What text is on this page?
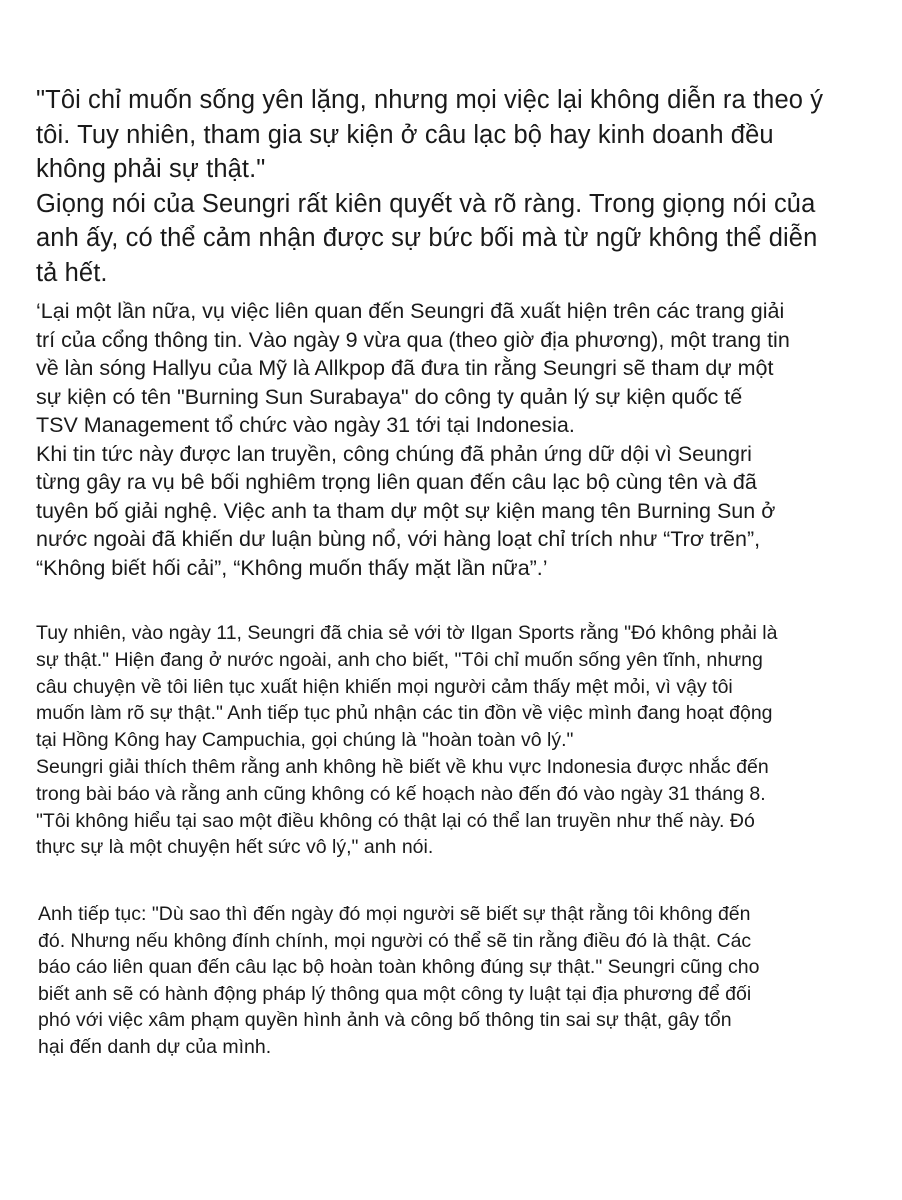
"Tôi chỉ muốn sống yên lặng, nhưng mọi việc lại không diễn ra theo ý
tôi. Tuy nhiên, tham gia sự kiện ở câu lạc bộ hay kinh doanh đều
không phải sự thật."
Giọng nói của Seungri rất kiên quyết và rõ ràng. Trong giọng nói của
anh ấy, có thể cảm nhận được sự bức bối mà từ ngữ không thể diễn
tả hết.

‘Lại một lần nữa, vụ việc liên quan đến Seungri đã xuất hiện trên các trang giải
trí của cổng thông tin. Vào ngày 9 vừa qua (theo giờ địa phương), một trang tin
về làn sóng Hallyu của Mỹ là Allkpop đã đưa tin rằng Seungri sẽ tham dự một
sự kiện có tên "Burning Sun Surabaya" do công ty quản lý sự kiện quốc tế
TSV Management tổ chức vào ngày 31 tới tại Indonesia.
Khi tin tức này được lan truyền, công chúng đã phản ứng dữ dội vì Seungri
từng gây ra vụ bê bối nghiêm trọng liên quan đến câu lạc bộ cùng tên và đã
tuyên bố giải nghệ. Việc anh ta tham dự một sự kiện mang tên Burning Sun ở
nước ngoài đã khiến dư luận bùng nổ, với hàng loạt chỉ trích như “Trơ trẽn”,
“Không biết hối cải”, “Không muốn thấy mặt lần nữa”.’

Tuy nhiên, vào ngày 11, Seungri đã chia sẻ với tờ Ilgan Sports rằng "Đó không phải là
sự thật." Hiện đang ở nước ngoài, anh cho biết, "Tôi chỉ muốn sống yên tĩnh, nhưng
câu chuyện về tôi liên tục xuất hiện khiến mọi người cảm thấy mệt mỏi, vì vậy tôi
muốn làm rõ sự thật." Anh tiếp tục phủ nhận các tin đồn về việc mình đang hoạt động
tại Hồng Kông hay Campuchia, gọi chúng là "hoàn toàn vô lý."
Seungri giải thích thêm rằng anh không hề biết về khu vực Indonesia được nhắc đến
trong bài báo và rằng anh cũng không có kế hoạch nào đến đó vào ngày 31 tháng 8.
"Tôi không hiểu tại sao một điều không có thật lại có thể lan truyền như thế này. Đó
thực sự là một chuyện hết sức vô lý," anh nói.

Anh tiếp tục: "Dù sao thì đến ngày đó mọi người sẽ biết sự thật rằng tôi không đến
đó. Nhưng nếu không đính chính, mọi người có thể sẽ tin rằng điều đó là thật. Các
báo cáo liên quan đến câu lạc bộ hoàn toàn không đúng sự thật." Seungri cũng cho
biết anh sẽ có hành động pháp lý thông qua một công ty luật tại địa phương để đối
phó với việc xâm phạm quyền hình ảnh và công bố thông tin sai sự thật, gây tổn
hại đến danh dự của mình.
